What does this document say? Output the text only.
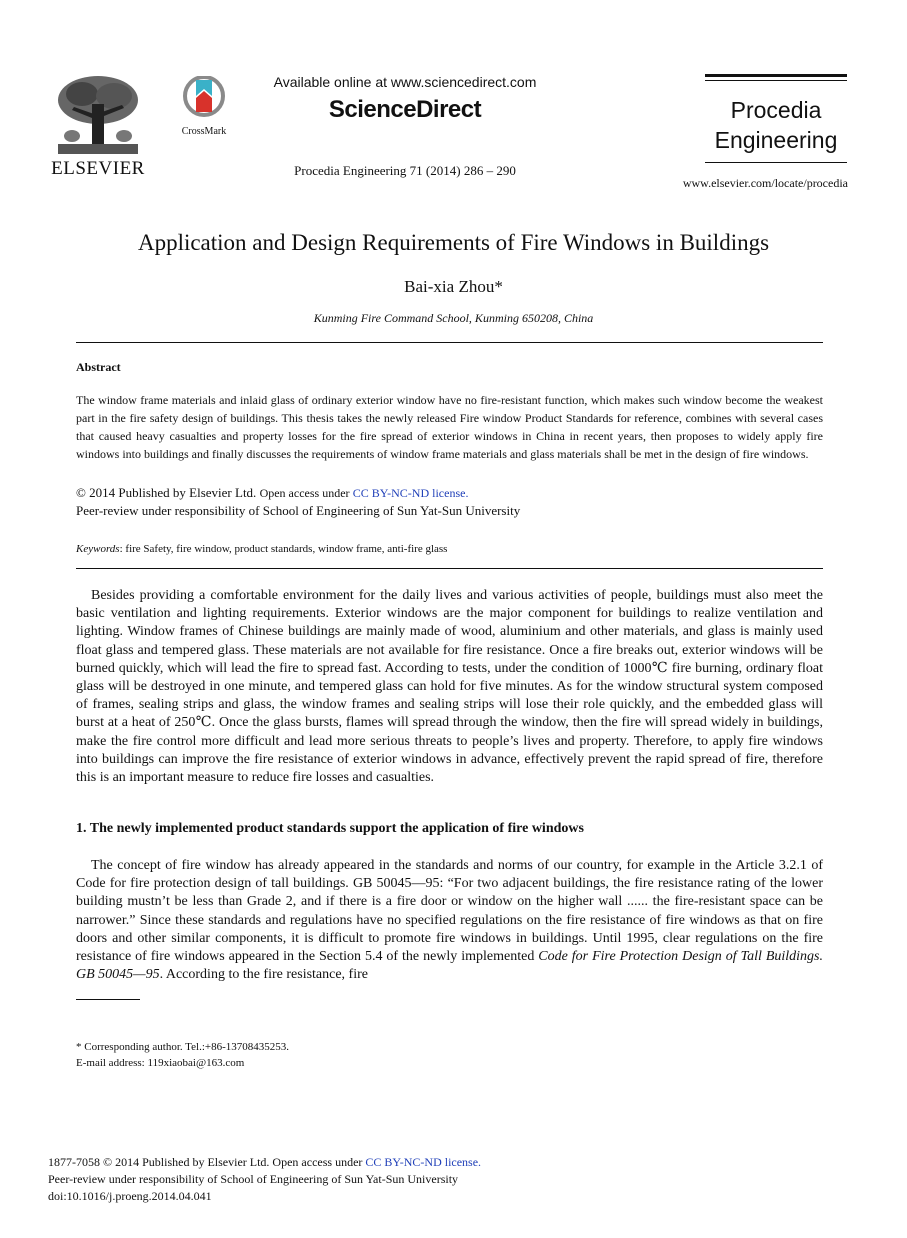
ELSEVIER
CrossMark
Available online at www.sciencedirect.com
ScienceDirect
Procedia Engineering 71 (2014) 286 – 290
Procedia
Engineering
www.elsevier.com/locate/procedia
Application and Design Requirements of Fire Windows in Buildings
Bai-xia Zhou*
Kunming Fire Command School, Kunming 650208, China
Abstract
The window frame materials and inlaid glass of ordinary exterior window have no fire-resistant function, which makes such window become the weakest part in the fire safety design of buildings. This thesis takes the newly released Fire window Product Standards for reference, combines with several cases that caused heavy casualties and property losses for the fire spread of exterior windows in China in recent years, then proposes to widely apply fire windows into buildings and finally discusses the requirements of window frame materials and glass materials shall be met in the design of fire windows.
© 2014 Published by Elsevier Ltd. Open access under CC BY-NC-ND license.
Peer-review under responsibility of School of Engineering of Sun Yat-Sun University
Keywords: fire Safety, fire window, product standards, window frame, anti-fire glass
Besides providing a comfortable environment for the daily lives and various activities of people, buildings must also meet the basic ventilation and lighting requirements. Exterior windows are the major component for buildings to realize ventilation and lighting. Window frames of Chinese buildings are mainly made of wood, aluminium and other materials, and glass is mainly used float glass and tempered glass. These materials are not available for fire resistance. Once a fire breaks out, exterior windows will be burned quickly, which will lead the fire to spread fast. According to tests, under the condition of 1000℃ fire burning, ordinary float glass will be destroyed in one minute, and tempered glass can hold for five minutes. As for the window structural system composed of frames, sealing strips and glass, the window frames and sealing strips will lose their role quickly, and the embedded glass will burst at a heat of 250℃. Once the glass bursts, flames will spread through the window, then the fire will spread widely in buildings, make the fire control more difficult and lead more serious threats to people’s lives and property. Therefore, to apply fire windows into buildings can improve the fire resistance of exterior windows in advance, effectively prevent the rapid spread of fire, therefore this is an important measure to reduce fire losses and casualties.
1. The newly implemented product standards support the application of fire windows
The concept of fire window has already appeared in the standards and norms of our country, for example in the Article 3.2.1 of Code for fire protection design of tall buildings. GB 50045—95: “For two adjacent buildings, the fire resistance rating of the lower building mustn’t be less than Grade 2, and if there is a fire door or window on the higher wall ...... the fire-resistant space can be narrower.” Since these standards and regulations have no specified regulations on the fire resistance of fire windows as that on fire doors and other similar components, it is difficult to promote fire windows in buildings. Until 1995, clear regulations on the fire resistance of fire windows appeared in the Section 5.4 of the newly implemented Code for Fire Protection Design of Tall Buildings. GB 50045—95. According to the fire resistance, fire
* Corresponding author. Tel.:+86-13708435253.
E-mail address: 119xiaobai@163.com
1877-7058 © 2014 Published by Elsevier Ltd. Open access under CC BY-NC-ND license.
Peer-review under responsibility of School of Engineering of Sun Yat-Sun University
doi:10.1016/j.proeng.2014.04.041
